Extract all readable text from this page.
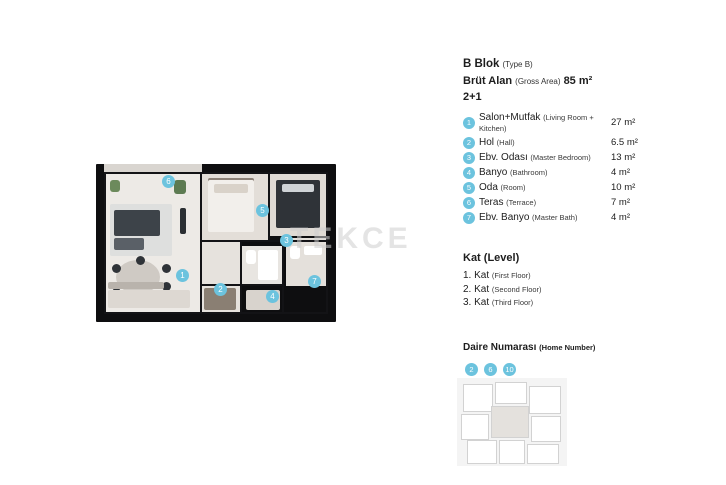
6
5
3
1
2
4
7
TEKCE
B Blok (Type B)
Brüt Alan (Gross Area) 85 m²
2+1
1	Salon+Mutfak (Living Room + Kitchen)	27 m²
2	Hol (Hall)	6.5 m²
3	Ebv. Odası (Master Bedroom)	13 m²
4	Banyo (Bathroom)	4 m²
5	Oda (Room)	10 m²
6	Teras (Terrace)	7 m²
7	Ebv. Banyo (Master Bath)	4 m²
Kat (Level)
1. Kat (First Floor)
2. Kat (Second Floor)
3. Kat (Third Floor)
Daire Numarası (Home Number)
2	6	10
